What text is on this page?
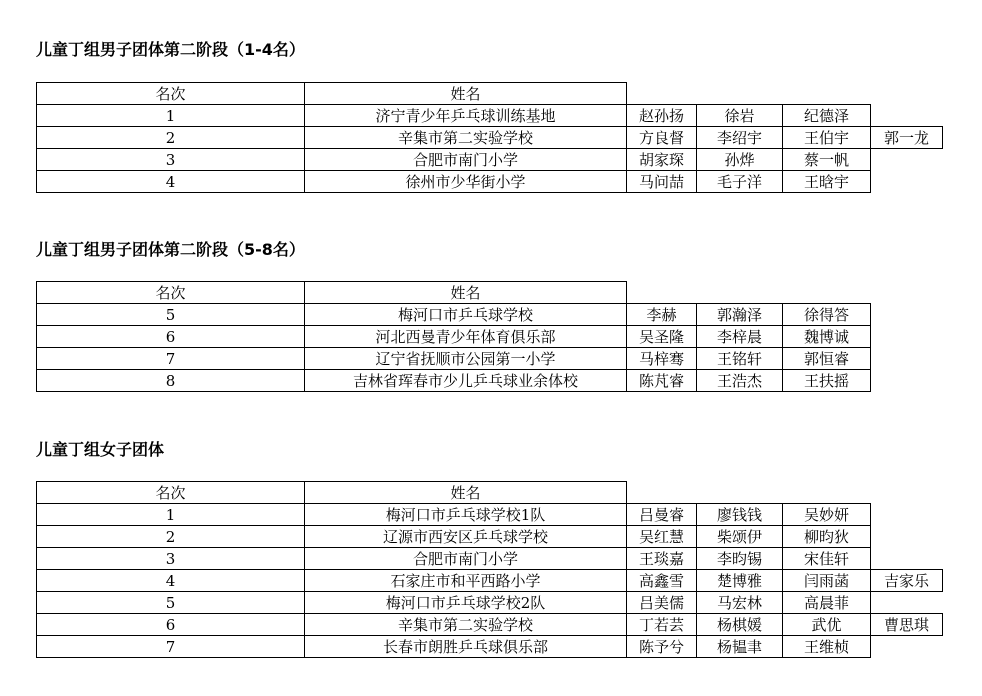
儿童丁组男子团体第二阶段（1-4名）
名次	姓名
1	济宁青少年乒乓球训练基地	赵孙扬	徐岩	纪德泽
2	辛集市第二实验学校	方良督	李绍宇	王伯宇	郭一龙
3	合肥市南门小学	胡家琛	孙烨	蔡一帆
4	徐州市少华街小学	马问喆	毛子洋	王晗宇
儿童丁组男子团体第二阶段（5-8名）
名次	姓名
5	梅河口市乒乓球学校	李赫	郭瀚泽	徐得答
6	河北西曼青少年体育俱乐部	吴圣隆	李梓晨	魏博诚
7	辽宁省抚顺市公园第一小学	马梓骞	王铭轩	郭恒睿
8	吉林省珲春市少儿乒乓球业余体校	陈芃睿	王浩杰	王扶摇
儿童丁组女子团体
名次	姓名
1	梅河口市乒乓球学校1队	吕曼睿	廖钱钱	吴妙妍
2	辽源市西安区乒乓球学校	吴红慧	柴颂伊	柳昀狄
3	合肥市南门小学	王琰嘉	李昀锡	宋佳轩
4	石家庄市和平西路小学	高鑫雪	楚博雅	闫雨菡	吉家乐
5	梅河口市乒乓球学校2队	吕美儒	马宏林	高晨菲
6	辛集市第二实验学校	丁若芸	杨棋媛	武优	曹思琪
7	长春市朗胜乒乓球俱乐部	陈予兮	杨韫聿	王维桢
